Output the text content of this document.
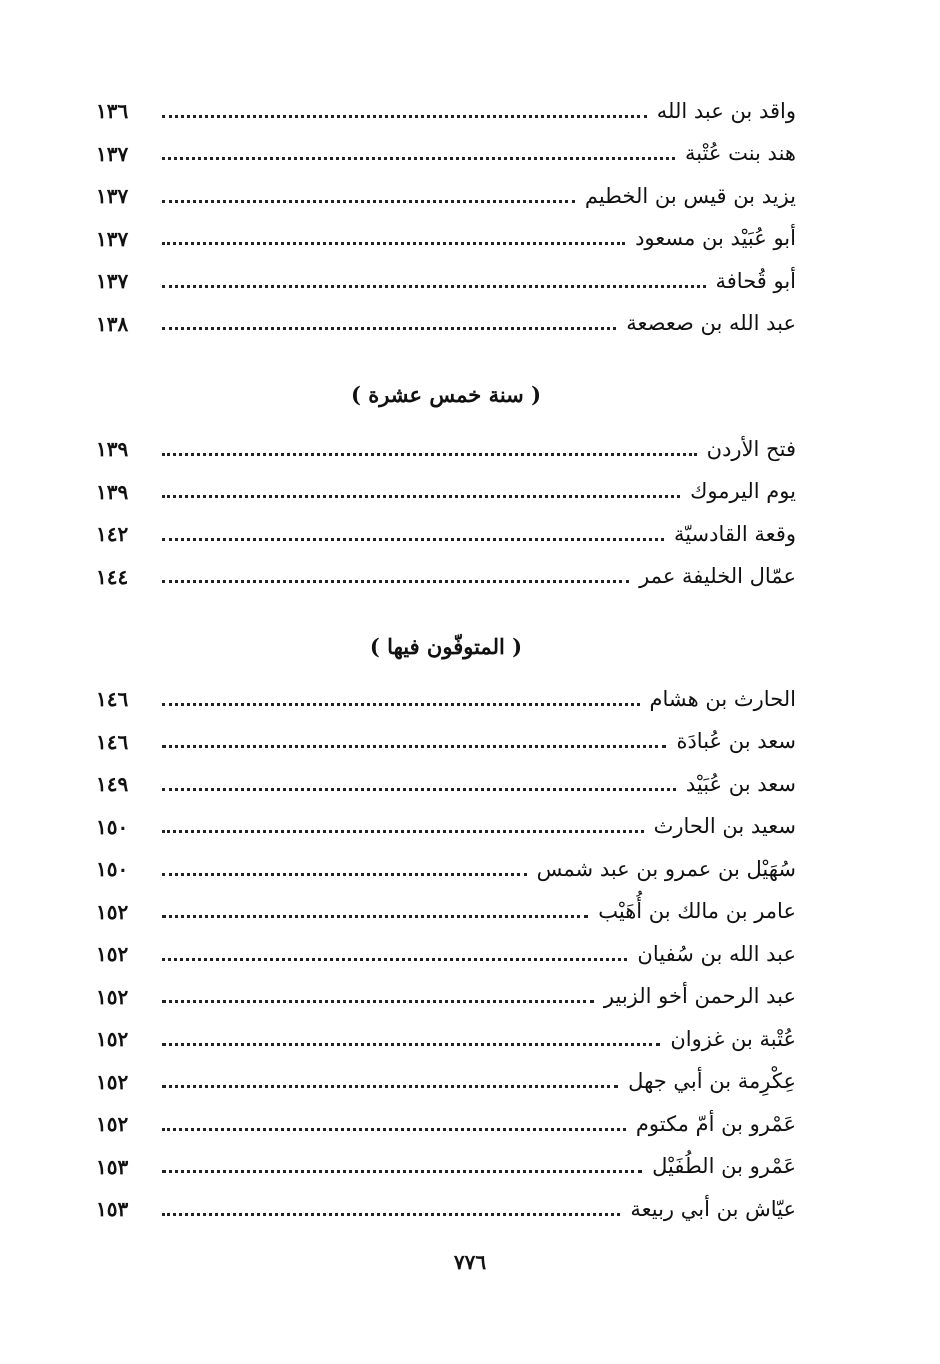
واقد بن عبد الله
١٣٦
هند بنت عُتْبة
١٣٧
يزيد بن قيس بن الخطيم
١٣٧
أبو عُبَيْد بن مسعود
١٣٧
أبو قُحافة
١٣٧
عبد الله بن صعصعة
١٣٨
( سنة خمس عشرة )
فتح الأردن
١٣٩
يوم اليرموك
١٣٩
وقعة القادسيّة
١٤٢
عمّال الخليفة عمر
١٤٤
( المتوفّون فيها )
الحارث بن هشام
١٤٦
سعد بن عُبادَة
١٤٦
سعد بن عُبَيْد
١٤٩
سعيد بن الحارث
١٥٠
سُهَيْل بن عمرو بن عبد شمس
١٥٠
عامر بن مالك بن أُهَيْب
١٥٢
عبد الله بن سُفيان
١٥٢
عبد الرحمن أخو الزبير
١٥٢
عُتْبة بن غزوان
١٥٢
عِكْرِمة بن أبي جهل
١٥٢
عَمْرو بن أمّ مكتوم
١٥٢
عَمْرو بن الطُفَيْل
١٥٣
عيّاش بن أبي ربيعة
١٥٣
٧٧٦
